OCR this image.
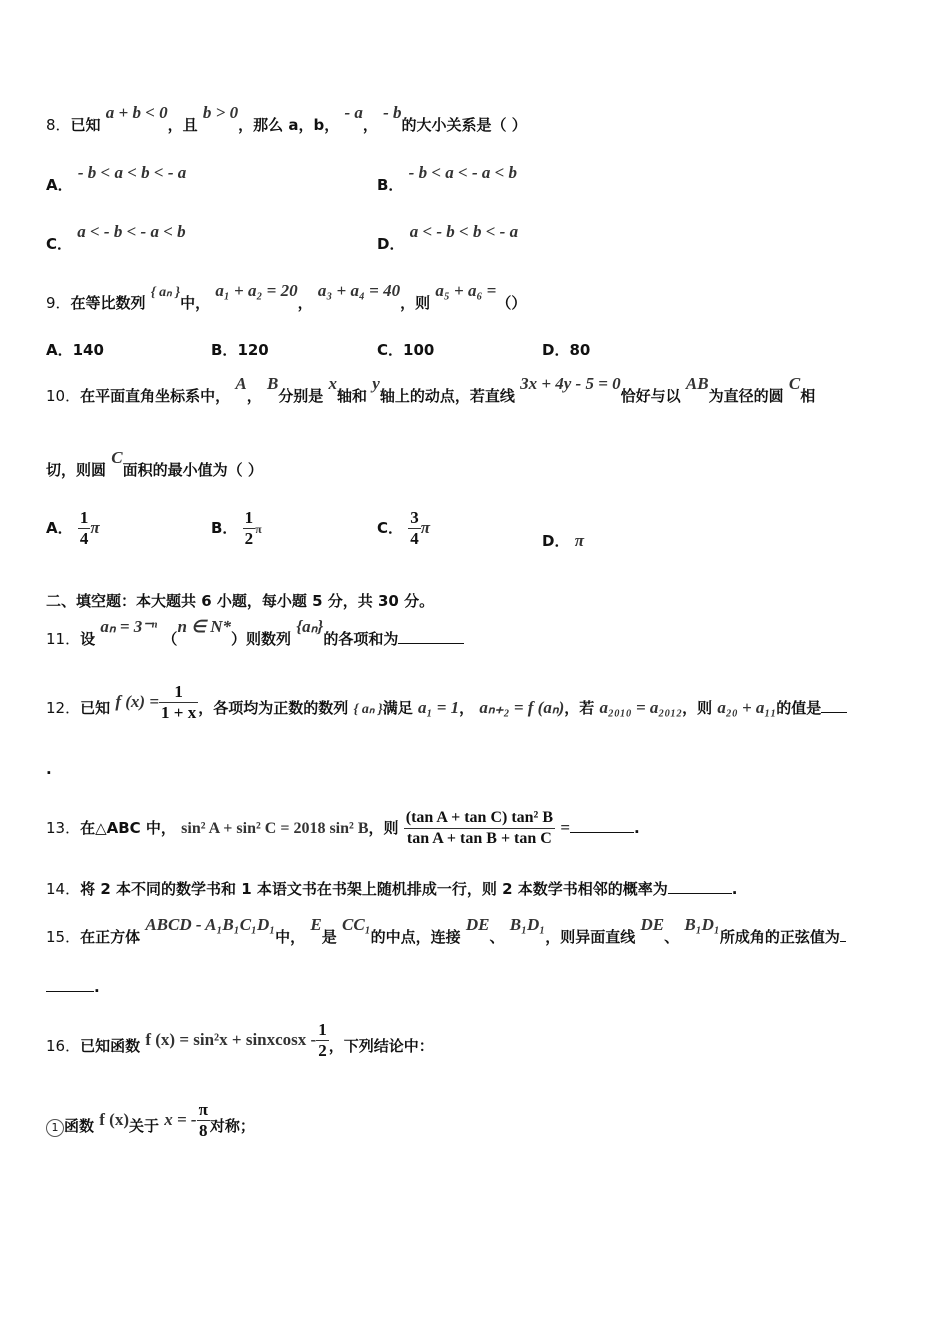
8．已知 a + b < 0，且 b > 0，那么 a，b， - a， - b的大小关系是（ ）
A． - b < a < b < - a
B． - b < a < - a < b
C． a < - b < - a < b
D． a < - b < b < - a
9．在等比数列 { aₙ }中， a₁ + a₂ = 20， a₃ + a₄ = 40，则 a₅ + a₆ =（）
A．140	B．120	C．100	D．80
10．在平面直角坐标系中， A， B分别是 x轴和 y轴上的动点，若直线 3x + 4y - 5 = 0恰好与以 AB为直径的圆 C相
切，则圆 C面积的最小值为（ ）
A． $\frac{1}{4}$ π	B． $\frac{1}{2}$ π	C． $\frac{3}{4}$ π
D． π
二、填空题：本大题共 6 小题，每小题 5 分，共 30 分。
11．设 aₙ = 3⁻ⁿ （n ∈ N*）则数列 {aₙ}的各项和为
12．已知 f $(x) = \frac{1}{1 + x}$ ，各项均为正数的数列 { aₙ }满足 a₁ = 1， aₙ₊₂ = f (aₙ)，若 a₂₀₁₀ = a₂₀₁₂，则 a₂₀ + a₁₁的值是
.
13．在△ABC 中， sin² A + sin² C = 2018 sin² B，则 $\frac{\text{(tan A + tan C) tan² B}}{\text{tan A + tan B + tan C}}$ =	.
14．将 2 本不同的数学书和 1 本语文书在书架上随机排成一行，则 2 本数学书相邻的概率为	.
15．在正方体 ABCD - A₁B₁C₁D₁中， E是 CC₁的中点，连接 DE、 B₁D₁，则异面直线 DE、 B₁D₁所成角的正弦值为
.
16．已知函数 f (x) = sin²x + sinxcosx - $\frac{1}{2}$ ，下列结论中：
1 函数 f (x)关于 x = - $\frac{\pi}{8}$ 对称；
